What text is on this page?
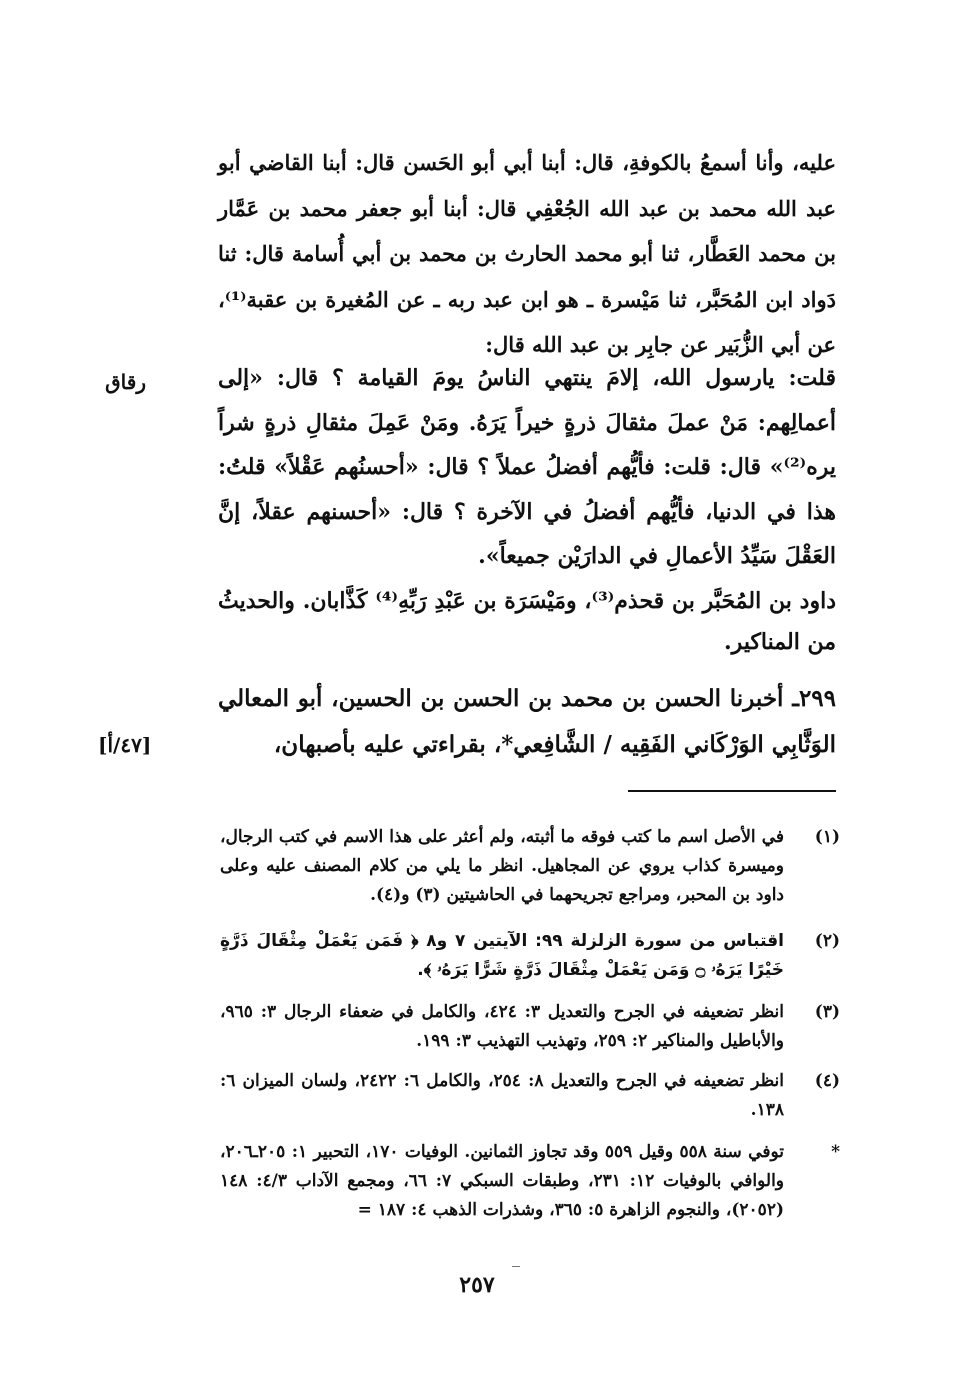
عليه، وأنا أسمعُ بالكوفةِ، قال: أبنا أبي أبو الحَسن قال: أبنا القاضي أبو عبد الله محمد بن عبد الله الجُعْفِي قال: أبنا أبو جعفر محمد بن عَمَّار بن محمد العَطَّار، ثنا أبو محمد الحارث بن محمد بن أبي أُسامة قال: ثنا دَواد ابن المُحَبَّر، ثنا مَيْسرة ـ هو ابن عبد ربه ـ عن المُغيرة بن عقبة⁽¹⁾، عن أبي الزُّبَير عن جابِر بن عبد الله قال:
رقاق	قلت: يارسول الله، إلامَ ينتهي الناسُ يومَ القيامة ؟ قال: «إلى أعمالِهم: مَنْ عملَ مثقالَ ذرةٍ خيراً يَرَهُ. ومَنْ عَمِلَ مثقالِ ذرةٍ شراً يره⁽²⁾» قال: قلت: فأيُّهم أفضلُ عملاً ؟ قال: «أحسنُهم عَقْلاً» قلتُ: هذا في الدنيا، فأيُّهم أفضلُ في الآخرة ؟ قال: «أحسنهم عقلاً، إنَّ العَقْلَ سَيِّدُ الأعمالِ في الدارَيْن جميعاً».
داود بن المُحَبَّر بن قحذم⁽³⁾، ومَيْسَرَة بن عَبْدِ رَبِّهِ⁽⁴⁾ كَذَّابان. والحديثُ من المناكير.
[٤٧/أ]
٢٩٩ـ أخبرنا الحسن بن محمد بن الحسن بن الحسين، أبو المعالي الوَثَّابِي الوَرْكَاني الفَقِيه / الشَّافِعي*، بقراءتي عليه بأصبهان،
(١)
في الأصل اسم ما كتب فوقه ما أثبته، ولم أعثر على هذا الاسم في كتب الرجال، وميسرة كذاب يروي عن المجاهيل. انظر ما يلي من كلام المصنف عليه وعلى داود بن المحبر، ومراجع تجريحهما في الحاشيتين (٣) و(٤).
(٢)
اقتباس من سورة الزلزلة ٩٩: الآيتين ٧ و٨ ﴿ فَمَن يَعْمَلْ مِثْقَالَ ذَرَّةٍ خَيْرًا يَرَهُۥ ۝ وَمَن يَعْمَلْ مِثْقَالَ ذَرَّةٍ شَرًّا يَرَهُۥ ﴾.
(٣)
انظر تضعيفه في الجرح والتعديل ٣: ٤٢٤، والكامل في ضعفاء الرجال ٣: ٩٦٥، والأباطيل والمناكير ٢: ٢٥٩، وتهذيب التهذيب ٣: ١٩٩.
(٤)
انظر تضعيفه في الجرح والتعديل ٨: ٢٥٤، والكامل ٦: ٢٤٢٢، ولسان الميزان ٦: ١٣٨.
*
توفي سنة ٥٥٨ وقيل ٥٥٩ وقد تجاوز الثمانين. الوفيات ١٧٠، التحبير ١: ٢٠٥ـ٢٠٦، والوافي بالوفيات ١٢: ٢٣١، وطبقات السبكي ٧: ٦٦، ومجمع الآداب ٤/٣: ١٤٨ (٢٠٥٢)، والنجوم الزاهرة ٥: ٣٦٥، وشذرات الذهب ٤: ١٨٧ =
٢٥٧
